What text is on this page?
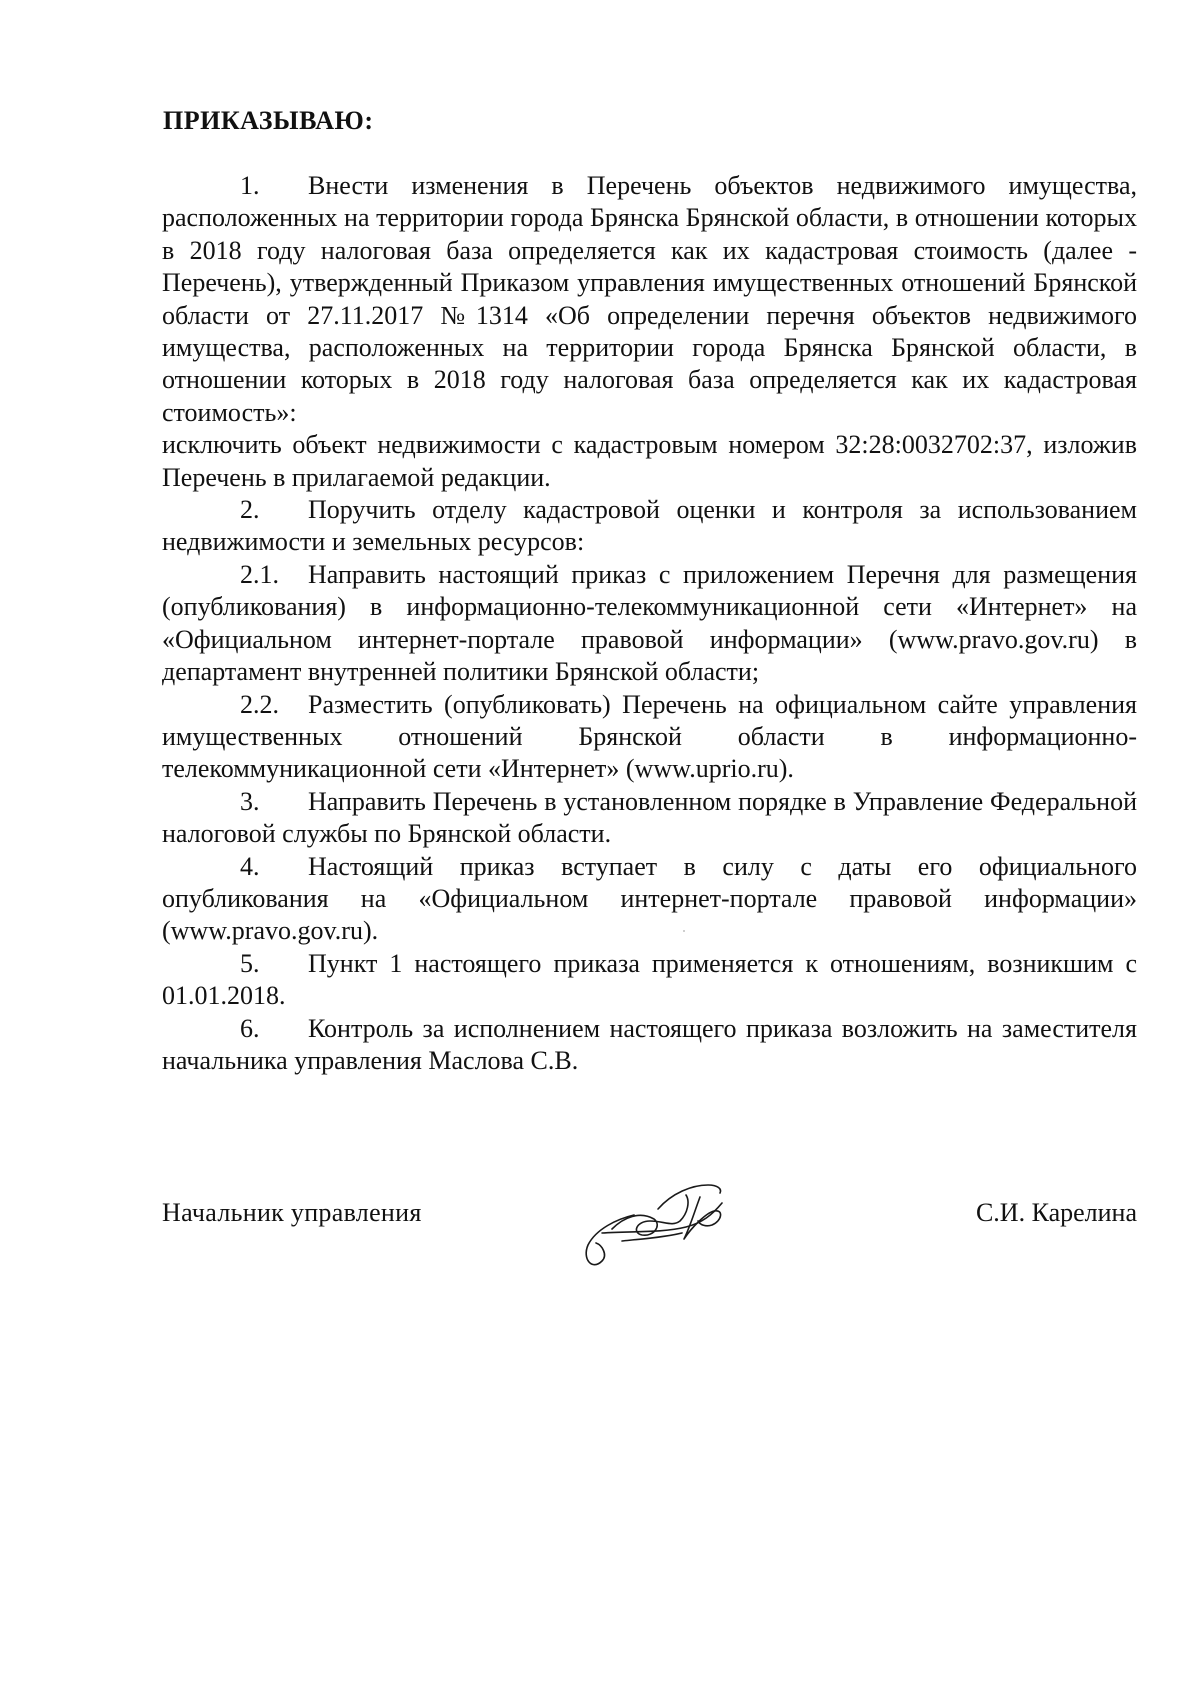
ПРИКАЗЫВАЮ:

1. Внести изменения в Перечень объектов недвижимого имущества, расположенных на территории города Брянска Брянской области, в отношении которых в 2018 году налоговая база определяется как их кадастровая стоимость (далее - Перечень), утвержденный Приказом управления имущественных отношений Брянской области от 27.11.2017 №1314 «Об определении перечня объектов недвижимого имущества, расположенных на территории города Брянска Брянской области, в отношении которых в 2018 году налоговая база определяется как их кадастровая стоимость»:

исключить объект недвижимости с кадастровым номером 32:28:0032702:37, изложив Перечень в прилагаемой редакции.

2. Поручить отделу кадастровой оценки и контроля за использованием недвижимости и земельных ресурсов:

2.1. Направить настоящий приказ с приложением Перечня для размещения (опубликования) в информационно-телекоммуникационной сети «Интернет» на «Официальном интернет-портале правовой информации» (www.pravo.gov.ru) в департамент внутренней политики Брянской области;

2.2. Разместить (опубликовать) Перечень на официальном сайте управления имущественных отношений Брянской области в информационно-телекоммуникационной сети «Интернет» (www.uprio.ru).

3. Направить Перечень в установленном порядке в Управление Федеральной налоговой службы по Брянской области.

4. Настоящий приказ вступает в силу с даты его официального опубликования на «Официальном интернет-портале правовой информации» (www.pravo.gov.ru).

5. Пункт 1 настоящего приказа применяется к отношениям, возникшим с 01.01.2018.

6. Контроль за исполнением настоящего приказа возложить на заместителя начальника управления Маслова С.В.

Начальник управления	С.И. Карелина
